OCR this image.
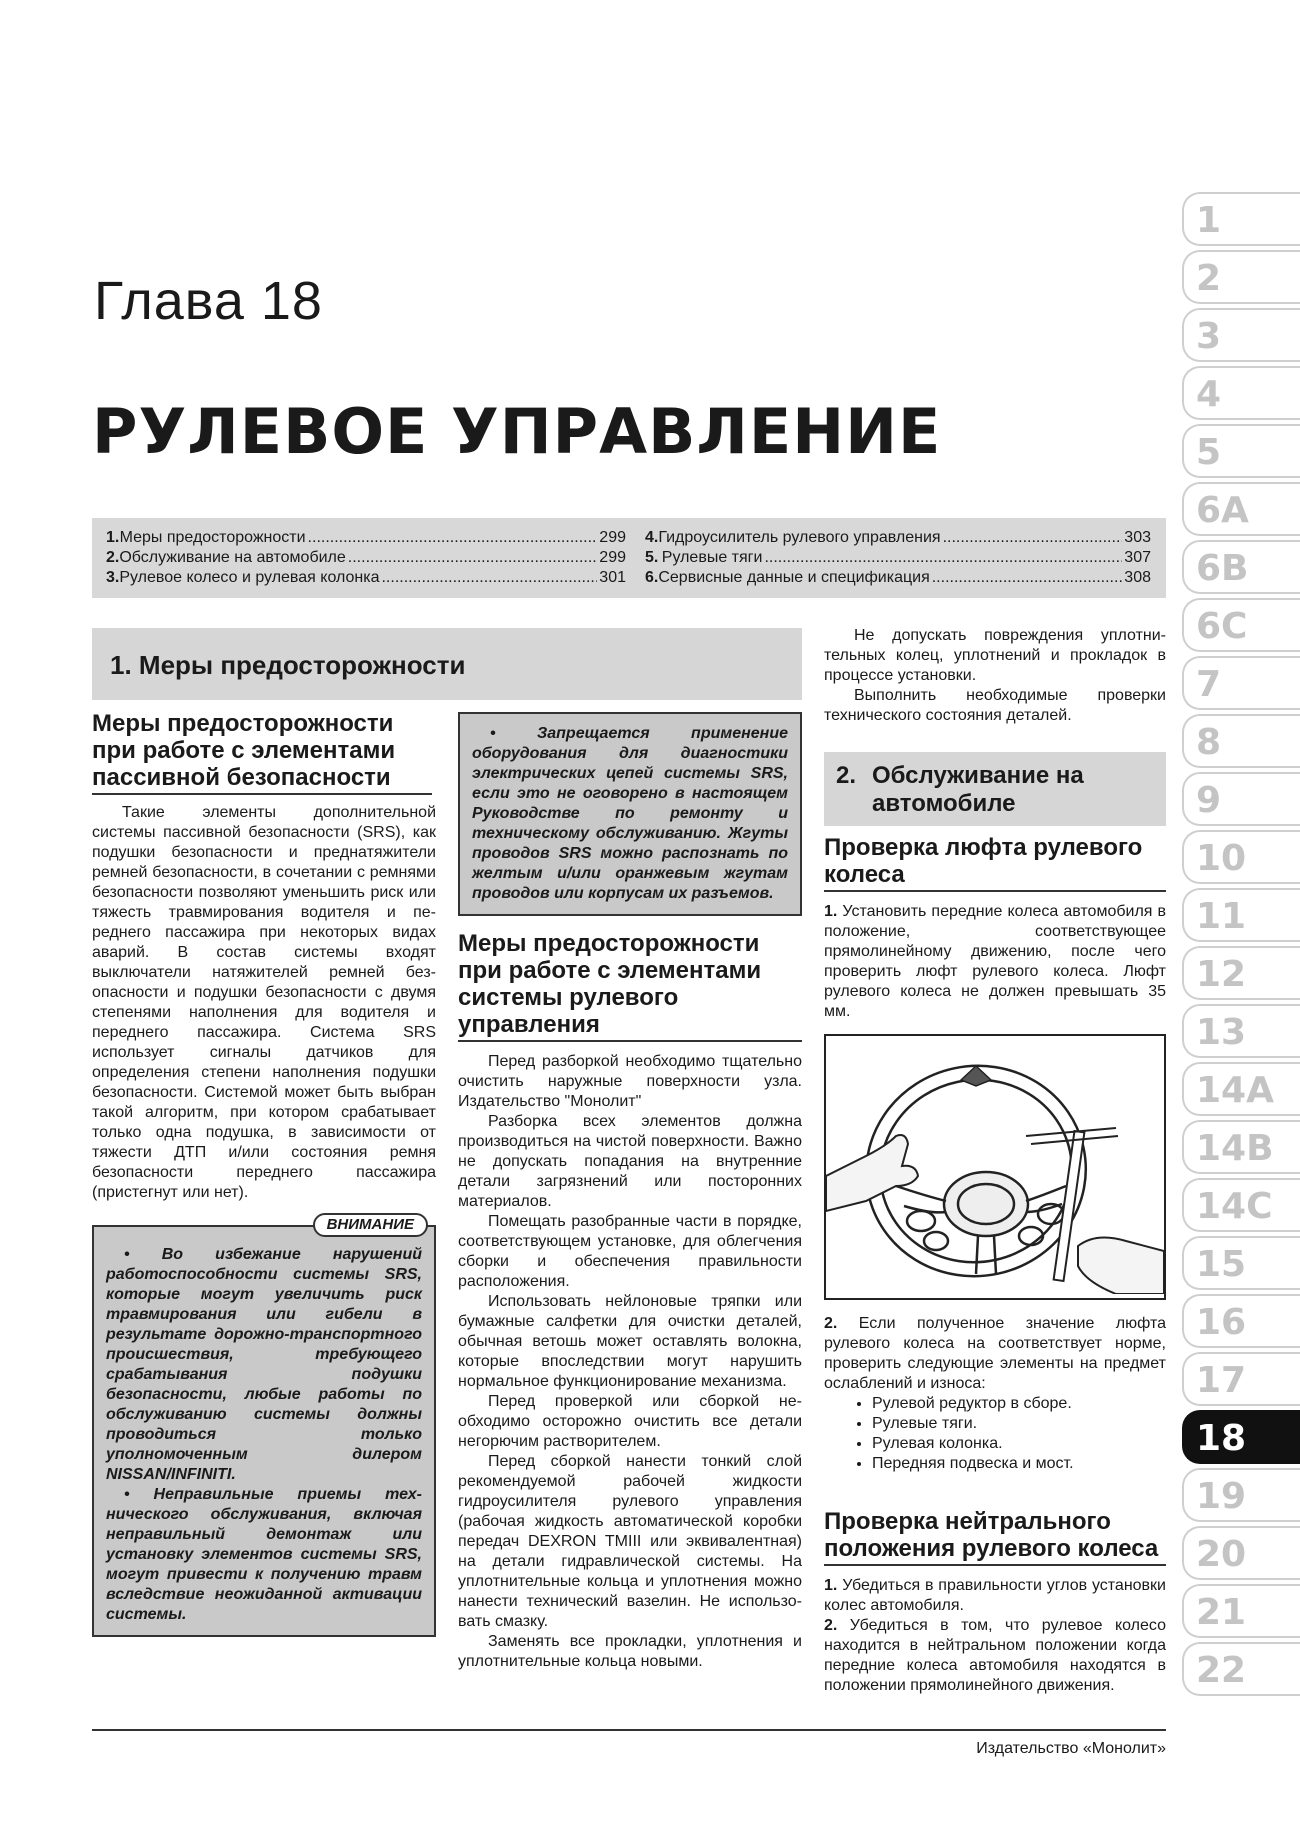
Глава 18
РУЛЕВОЕ УПРАВЛЕНИЕ
1. Меры предосторожности .....	299
2. Обслуживание на автомобиле .....	299
3. Рулевое колесо и рулевая колонка .....	301
4. Гидроусилитель рулевого управления .....	303
5. Рулевые тяги .....	307
6. Сервисные данные и спецификация .....	308
1. Меры предосторожности
Меры предосторожности при работе с элементами пассивной безопасности

Такие элементы дополнительной системы пассивной безопасности (SRS), как подушки безопасности и преднатяжители ремней безопасности, в сочетании с ремнями безопасности позволяют уменьшить риск или тяжесть травмирования водителя и переднего пассажира при некоторых видах аварий. В состав системы входят выключатели натяжителей ремней безопасности и подушки безопасности с двумя степенями наполнения для водителя и переднего пассажира. Система SRS использует сигналы датчиков для определения степени наполнения подушки безопасности. Системой может быть выбран такой алгоритм, при котором срабатывает только одна подушка, в зависимости от тяжести ДТП и/или состояния ремня безопасности переднего пассажира (пристегнут или нет).

ВНИМАНИЕ

• Во избежание нарушений работоспособности системы SRS, которые могут увеличить риск травмирования или гибели в результате дорожно-транспортного происшествия, требующего срабатывания подушки безопасности, любые работы по обслуживанию системы должны проводиться только уполномоченным дилером NISSAN/INFINITI.

• Неправильные приемы технического обслуживания, включая неправильный демонтаж или установку элементов системы SRS, могут привести к получению травм вследствие неожиданной активации системы.

• Запрещается применение оборудования для диагностики электрических цепей системы SRS, если это не оговорено в настоящем Руководстве по ремонту и техническому обслуживанию. Жгуты проводов SRS можно распознать по желтым и/или оранжевым жгутам проводов или корпусам их разъемов.

Меры предосторожности при работе с элементами системы рулевого управления

Перед разборкой необходимо тщательно очистить наружные поверхности узла. Издательство "Монолит"

Разборка всех элементов должна производиться на чистой поверхности. Важно не допускать попадания на внутренние детали загрязнений или посторонних материалов.

Помещать разобранные части в порядке, соответствующем установке, для облегчения сборки и обеспечения правильности расположения.

Использовать нейлоновые тряпки или бумажные салфетки для очистки деталей, обычная ветошь может оставлять волокна, которые впоследствии могут нарушить нормальное функционирование механизма.

Перед проверкой или сборкой необходимо осторожно очистить все детали негорючим растворителем.

Перед сборкой нанести тонкий слой рекомендуемой рабочей жидкости гидроусилителя рулевого управления (рабочая жидкость автоматической коробки передач DEXRON TMIII или эквивалентная) на детали гидравлической системы. На уплотнительные кольца и уплотнения можно нанести технический вазелин. Не использовать смазку.

Заменять все прокладки, уплотнения и уплотнительные кольца новыми.

Не допускать повреждения уплотнительных колец, уплотнений и прокладок в процессе установки.

Выполнить необходимые проверки технического состояния деталей.

2. Обслуживание на автомобиле
Проверка люфта рулевого колеса

1. Установить передние колеса автомобиля в положение, соответствующее прямолинейному движению, после чего проверить люфт рулевого колеса. Люфт рулевого колеса не должен превышать 35 мм.

2. Если полученное значение люфта рулевого колеса на соответствует норме, проверить следующие элементы на предмет ослаблений и износа:

• Рулевой редуктор в сборе.
• Рулевые тяги.
• Рулевая колонка.
• Передняя подвеска и мост.
Проверка нейтрального положения рулевого колеса

1. Убедиться в правильности углов установки колес автомобиля.

2. Убедиться в том, что рулевое колесо находится в нейтральном положении когда передние колеса автомобиля находятся в положении прямолинейного движения.

Издательство «Монолит»
1
2
3
4
5
6A
6B
6C
7
8
9
10
11
12
13
14A
14B
14C
15
16
17
18
19
20
21
22
